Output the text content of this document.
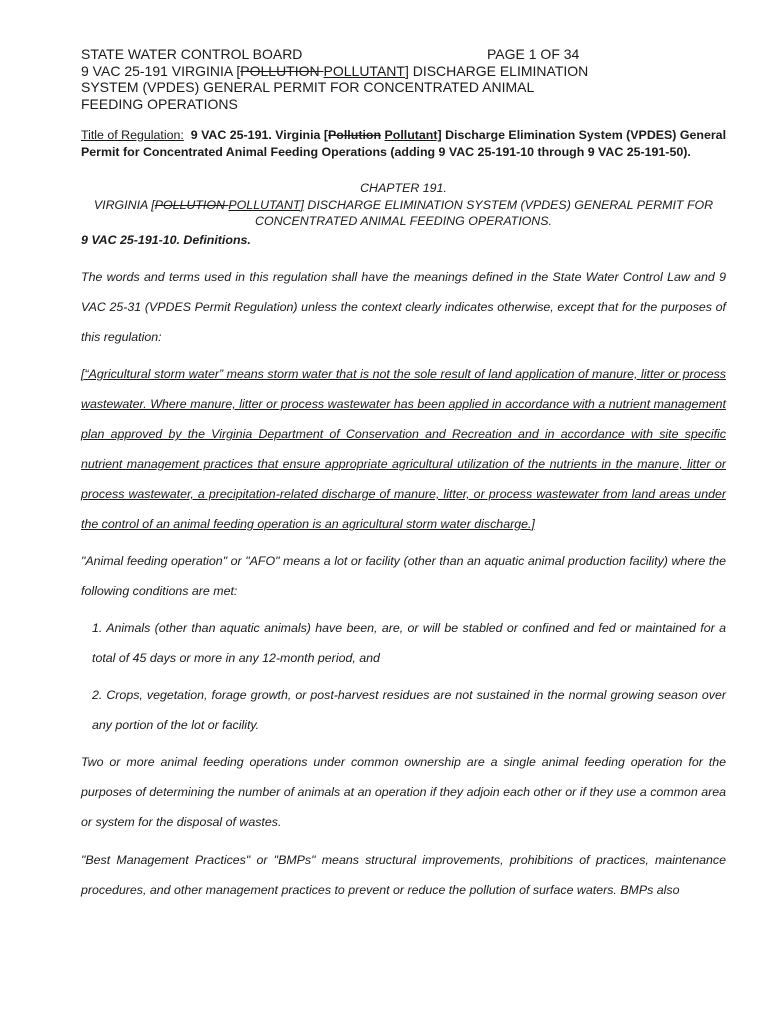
STATE WATER CONTROL BOARD	PAGE 1 OF 34
9 VAC 25-191 VIRGINIA [POLLUTION POLLUTANT] DISCHARGE ELIMINATION
SYSTEM (VPDES) GENERAL PERMIT FOR CONCENTRATED ANIMAL
FEEDING OPERATIONS
Title of Regulation: 9 VAC 25-191. Virginia [Pollution Pollutant] Discharge Elimination System (VPDES) General Permit for Concentrated Animal Feeding Operations (adding 9 VAC 25-191-10 through 9 VAC 25-191-50).
CHAPTER 191.
VIRGINIA [POLLUTION POLLUTANT] DISCHARGE ELIMINATION SYSTEM (VPDES) GENERAL PERMIT FOR CONCENTRATED ANIMAL FEEDING OPERATIONS.
9 VAC 25-191-10. Definitions.
The words and terms used in this regulation shall have the meanings defined in the State Water Control Law and 9 VAC 25-31 (VPDES Permit Regulation) unless the context clearly indicates otherwise, except that for the purposes of this regulation:
[“Agricultural storm water” means storm water that is not the sole result of land application of manure, litter or process wastewater. Where manure, litter or process wastewater has been applied in accordance with a nutrient management plan approved by the Virginia Department of Conservation and Recreation and in accordance with site specific nutrient management practices that ensure appropriate agricultural utilization of the nutrients in the manure, litter or process wastewater, a precipitation-related discharge of manure, litter, or process wastewater from land areas under the control of an animal feeding operation is an agricultural storm water discharge.]
"Animal feeding operation" or "AFO" means a lot or facility (other than an aquatic animal production facility) where the following conditions are met:
1. Animals (other than aquatic animals) have been, are, or will be stabled or confined and fed or maintained for a total of 45 days or more in any 12-month period, and
2. Crops, vegetation, forage growth, or post-harvest residues are not sustained in the normal growing season over any portion of the lot or facility.
Two or more animal feeding operations under common ownership are a single animal feeding operation for the purposes of determining the number of animals at an operation if they adjoin each other or if they use a common area or system for the disposal of wastes.
"Best Management Practices" or "BMPs" means structural improvements, prohibitions of practices, maintenance procedures, and other management practices to prevent or reduce the pollution of surface waters. BMPs also
